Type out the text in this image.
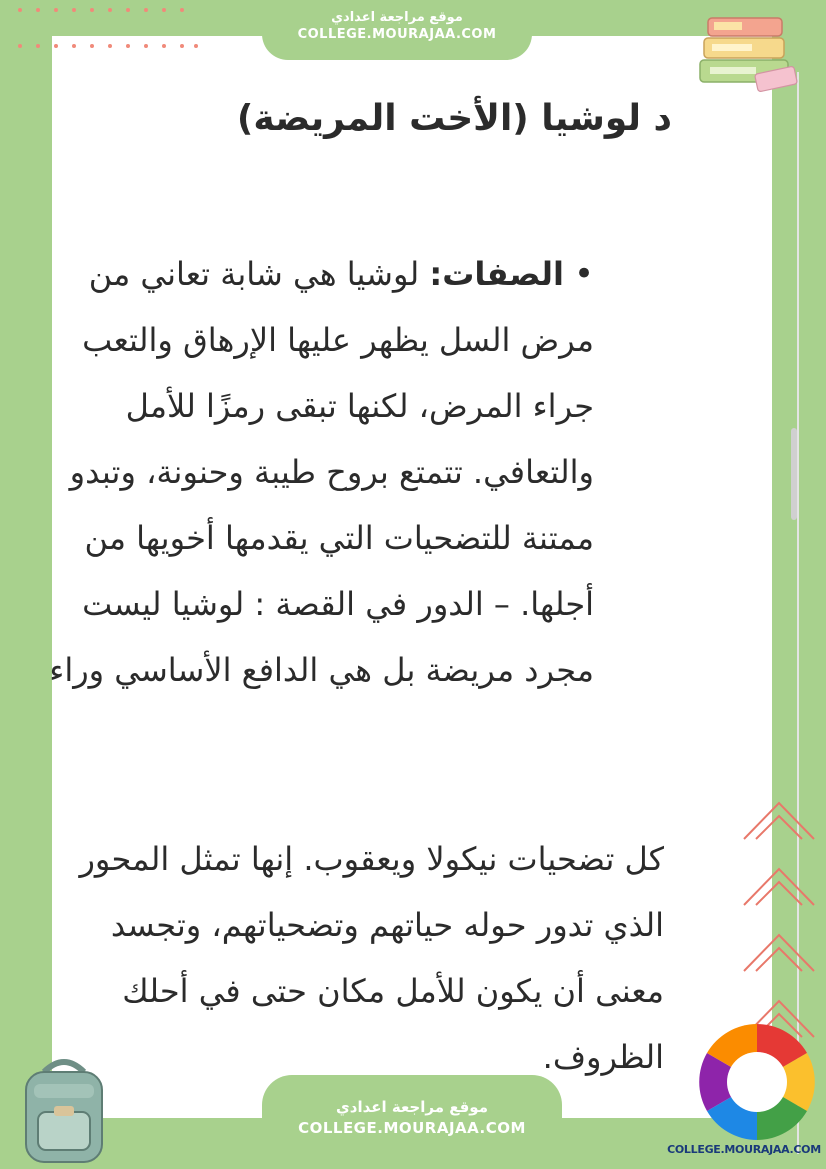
د لوشيا (الأخت المريضة)
•الصفات: لوشيا هي شابة تعاني من مرض السل يظهر عليها الإرهاق والتعب جراء المرض، لكنها تبقى رمزًا للأمل والتعافي. تتمتع بروح طيبة وحنونة، وتبدو ممتنة للتضحيات التي يقدمها أخويها من أجلها. – الدور في القصة : لوشيا ليست مجرد مريضة بل هي الدافع الأساسي وراء
كل تضحيات نيكولا ويعقوب. إنها تمثل المحور الذي تدور حوله حياتهم وتضحياتهم، وتجسد معنى أن يكون للأمل مكان حتى في أحلك الظروف.
موقع مراجعة اعدادي
COLLEGE.MOURAJAA.COM
موقع مراجعة اعدادي
COLLEGE.MOURAJAA.COM
COLLEGE.MOURAJAA.COM
